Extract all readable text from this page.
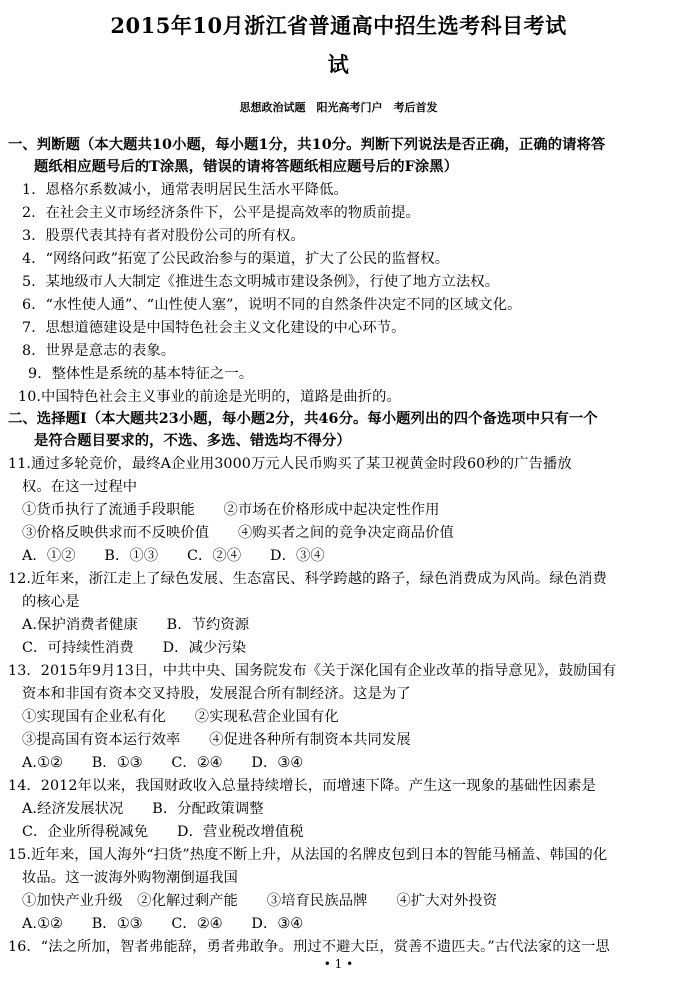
2015年10月浙江省普通高中招生选考科目考试
试
思想政治试题　阳光高考门户　考后首发
一、判断题（本大题共10小题，每小题1分，共10分。判断下列说法是否正确，正确的请将答
题纸相应题号后的T涂黑，错误的请将答题纸相应题号后的F涂黑）
1．恩格尔系数减小，通常表明居民生活水平降低。
2．在社会主义市场经济条件下，公平是提高效率的物质前提。
3．股票代表其持有者对股份公司的所有权。
4．“网络问政”拓宽了公民政治参与的渠道，扩大了公民的监督权。
5．某地级市人大制定《推进生态文明城市建设条例》，行使了地方立法权。
6．“水性使人通”、“山性使人塞”，说明不同的自然条件决定不同的区域文化。
7．思想道德建设是中国特色社会主义文化建设的中心环节。
8．世界是意志的表象。
9．整体性是系统的基本特征之一。
10.中国特色社会主义事业的前途是光明的，道路是曲折的。
二、选择题Ⅰ（本大题共23小题，每小题2分，共46分。每小题列出的四个备选项中只有一个
是符合题目要求的，不选、多选、错选均不得分）
11.通过多轮竞价，最终A企业用3000万元人民币购买了某卫视黄金时段60秒的广告播放
权。在这一过程中
①货币执行了流通手段职能　　②市场在价格形成中起决定性作用
③价格反映供求而不反映价值　　④购买者之间的竞争决定商品价值
A．①②　　B．①③　　C．②④　　D．③④
12.近年来，浙江走上了绿色发展、生态富民、科学跨越的路子，绿色消费成为风尚。绿色消费
的核心是
A.保护消费者健康　　B．节约资源
C．可持续性消费　　D．减少污染
13．2015年9月13日，中共中央、国务院发布《关于深化国有企业改革的指导意见》，鼓励国有
资本和非国有资本交叉持股，发展混合所有制经济。这是为了
①实现国有企业私有化　　②实现私营企业国有化
③提高国有资本运行效率　　④促进各种所有制资本共同发展
A.①②　　B．①③　　C．②④　　D．③④
14．2012年以来，我国财政收入总量持续增长，而增速下降。产生这一现象的基础性因素是
A.经济发展状况　　B．分配政策调整
C．企业所得税减免　　D．营业税改增值税
15.近年来，国人海外“扫货”热度不断上升，从法国的名牌皮包到日本的智能马桶盖、韩国的化
妆品。这一波海外购物潮倒逼我国
①加快产业升级　②化解过剩产能　　③培育民族品牌　　④扩大对外投资
A.①②　　B．①③　　C．②④　　D．③④
16．“法之所加，智者弗能辞，勇者弗敢争。刑过不避大臣，赏善不遗匹夫。”古代法家的这一思
• 1 •
